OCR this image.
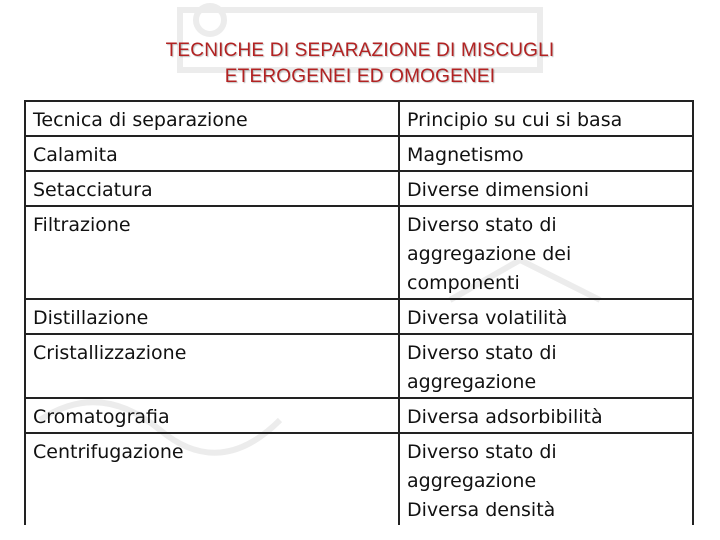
TECNICHE DI SEPARAZIONE DI MISCUGLI
ETEROGENEI ED OMOGENEI
Tecnica di separazione	Principio su cui si basa
Calamita	Magnetismo

Setacciatura	Diverse dimensioni

Filtrazione	Diverso stato di
aggregazione dei
componenti

Distillazione	Diversa volatilità

Cristallizzazione	Diverso stato di
aggregazione

Cromatografia	Diversa adsorbibilità

Centrifugazione	Diverso stato di
aggregazione
Diversa densità
